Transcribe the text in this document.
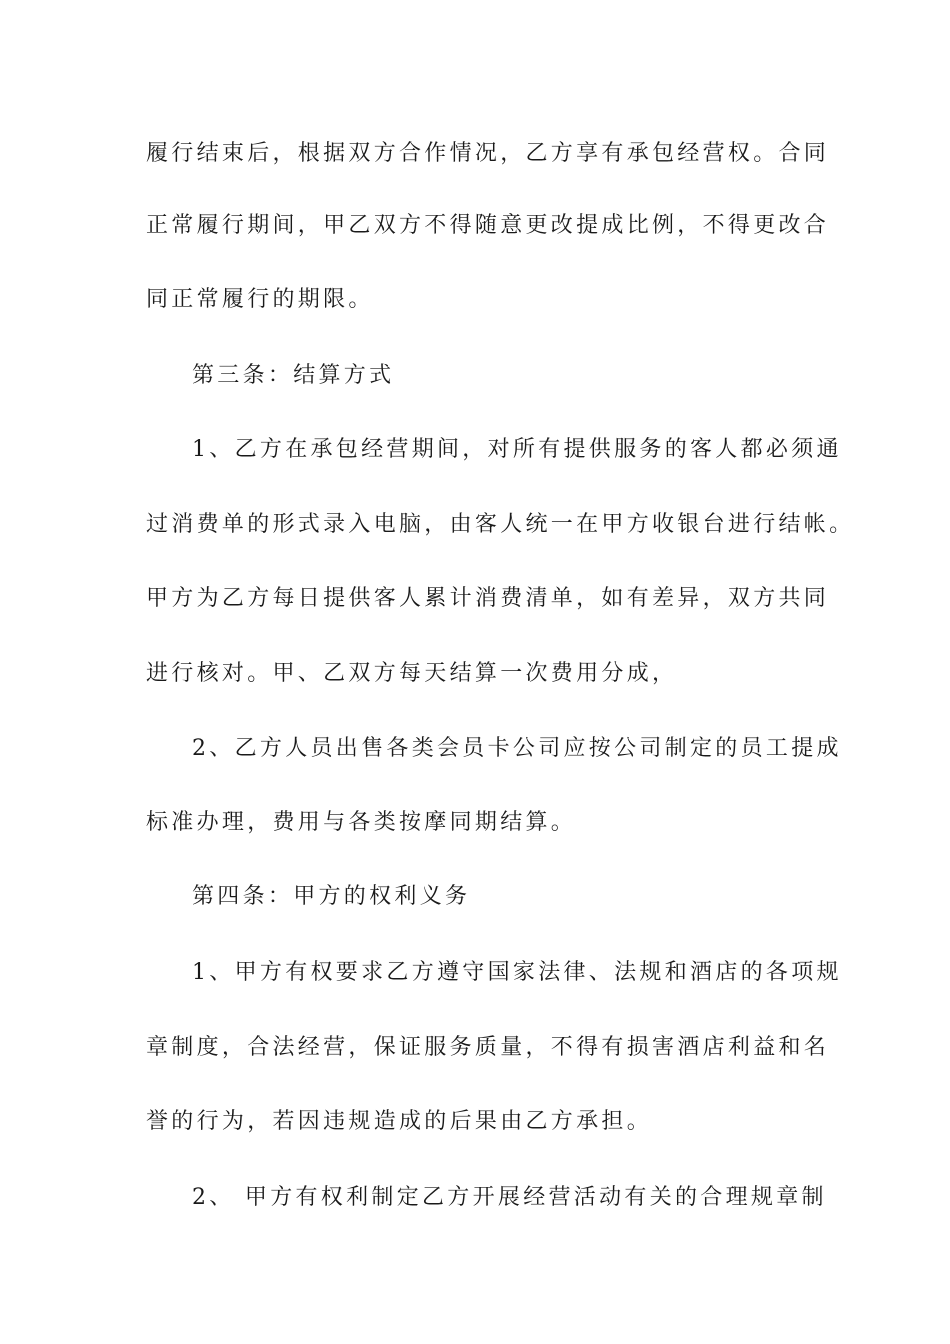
履行结束后，根据双方合作情况，乙方享有承包经营权。合同
正常履行期间，甲乙双方不得随意更改提成比例，不得更改合
同正常履行的期限。
第三条：结算方式
1、乙方在承包经营期间，对所有提供服务的客人都必须通
过消费单的形式录入电脑，由客人统一在甲方收银台进行结帐。
甲方为乙方每日提供客人累计消费清单，如有差异，双方共同
进行核对。甲、乙双方每天结算一次费用分成，
2、乙方人员出售各类会员卡公司应按公司制定的员工提成
标准办理，费用与各类按摩同期结算。
第四条：甲方的权利义务
1、甲方有权要求乙方遵守国家法律、法规和酒店的各项规
章制度，合法经营，保证服务质量，不得有损害酒店利益和名
誉的行为，若因违规造成的后果由乙方承担。
2、 甲方有权利制定乙方开展经营活动有关的合理规章制
